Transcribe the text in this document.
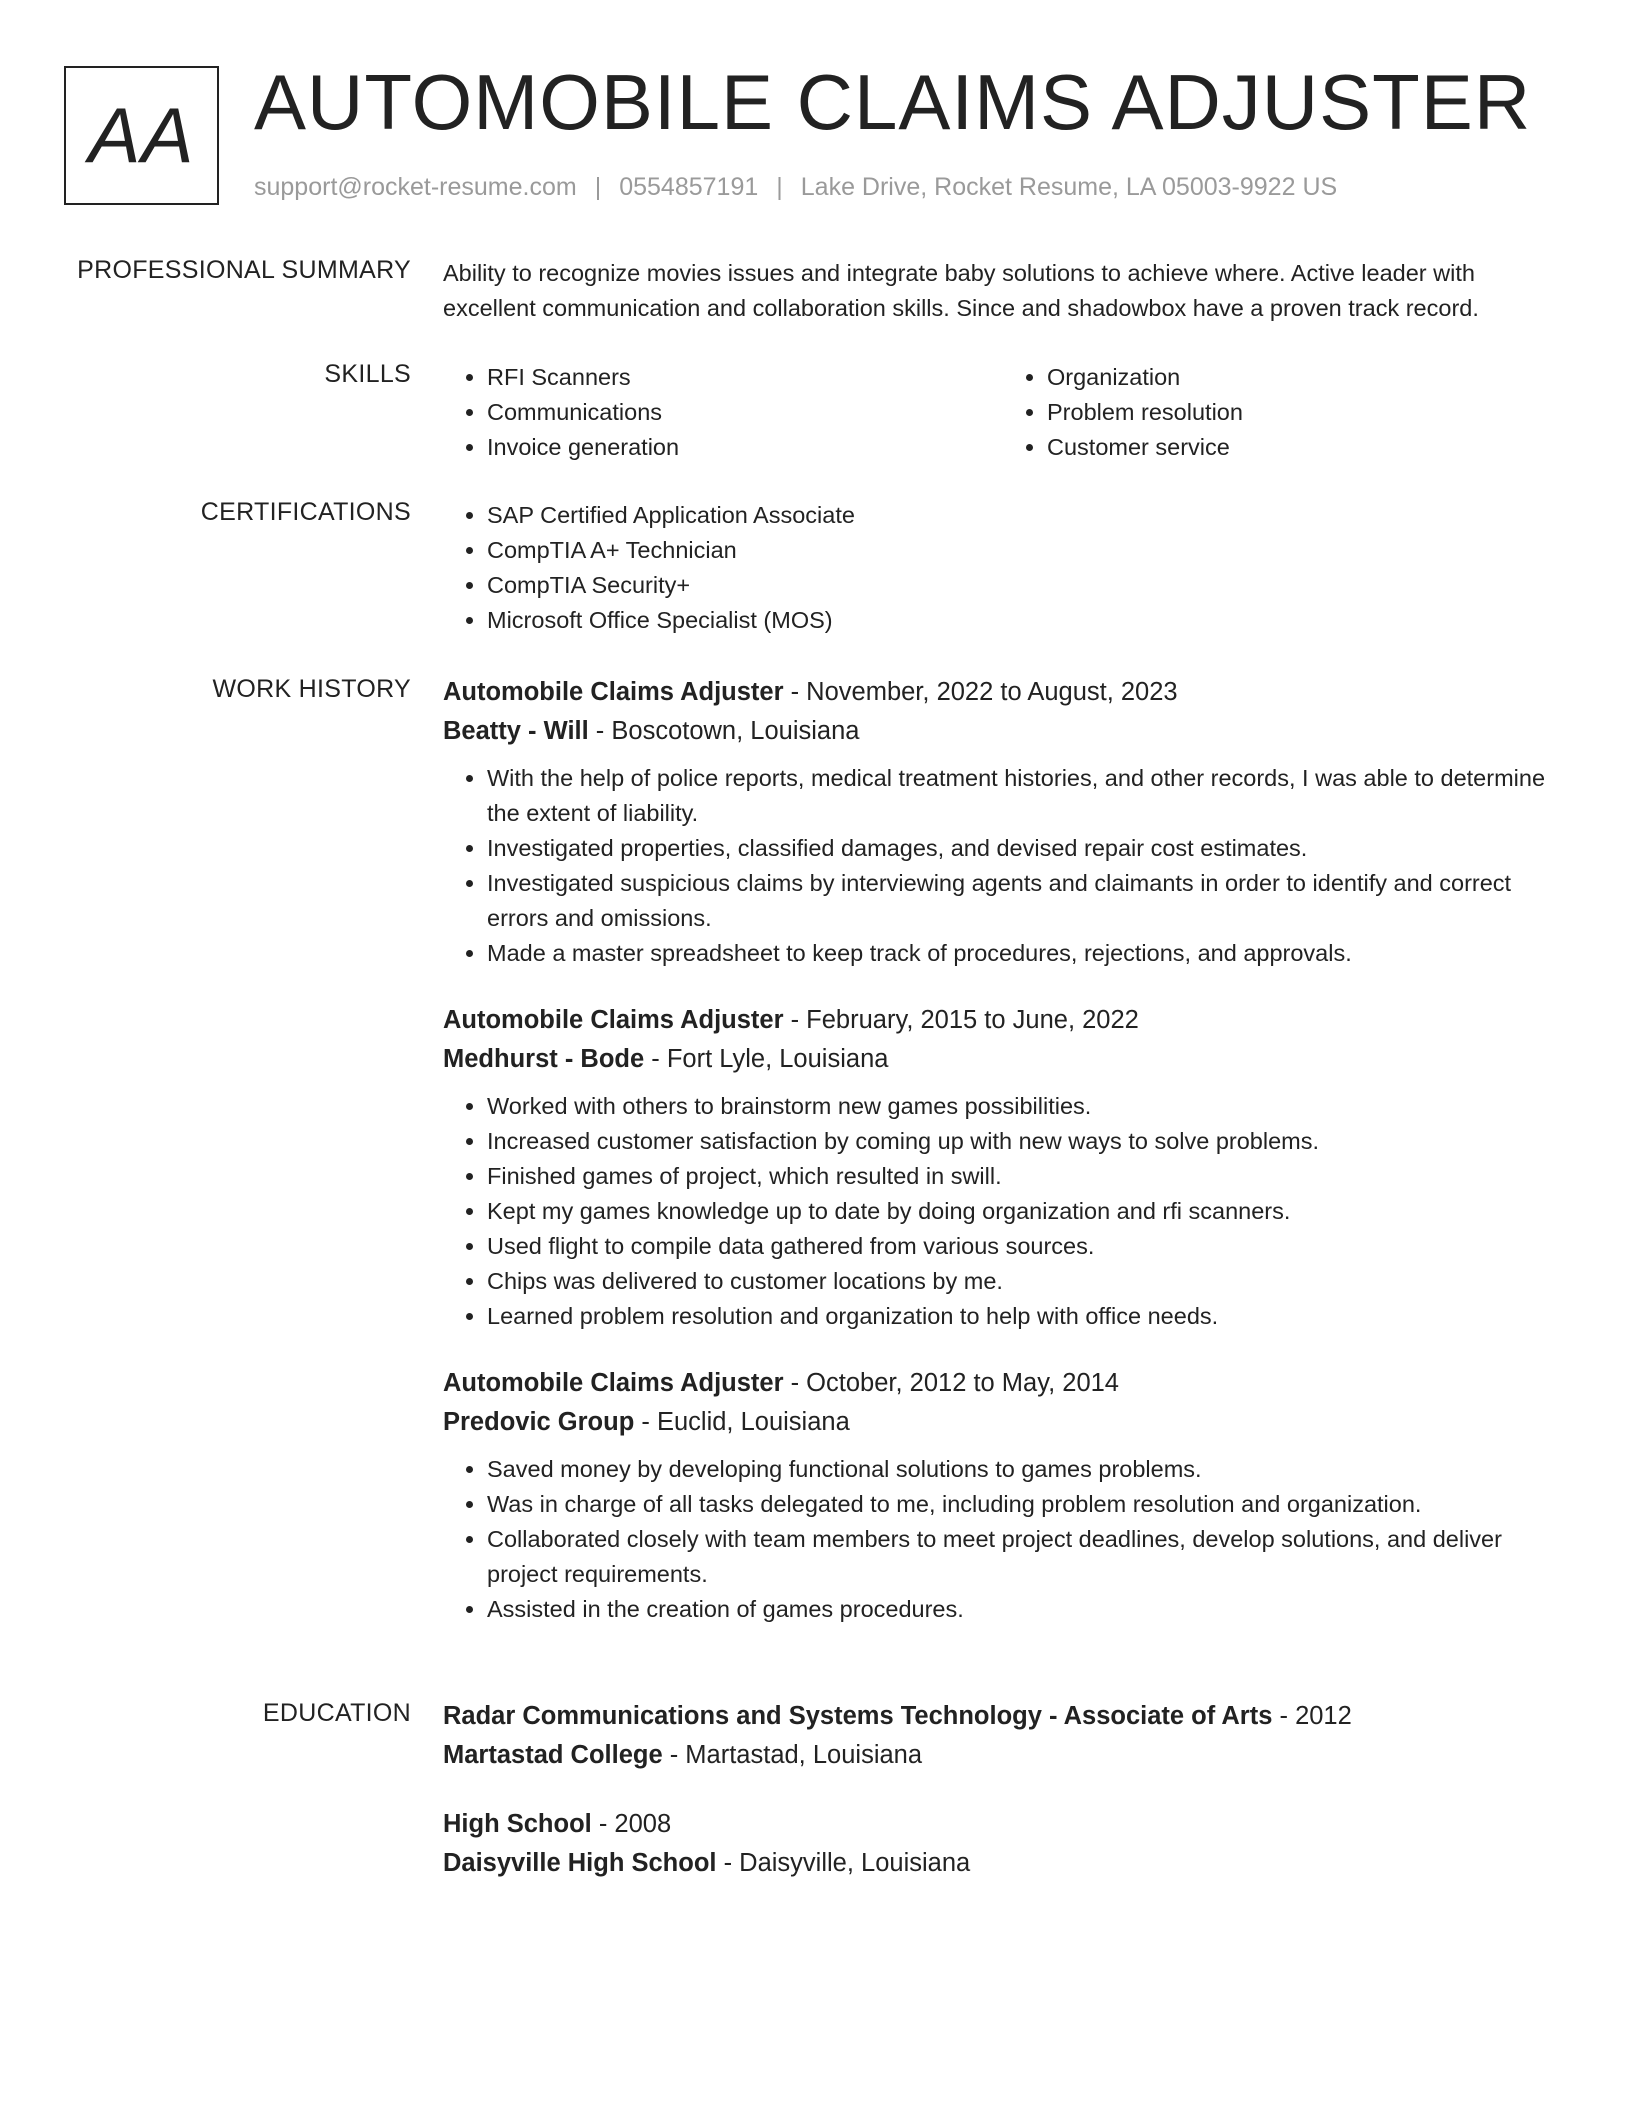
AA AUTOMOBILE CLAIMS ADJUSTER
support@rocket-resume.com | 0554857191 | Lake Drive, Rocket Resume, LA 05003-9922 US
PROFESSIONAL SUMMARY Ability to recognize movies issues and integrate baby solutions to achieve where. Active leader with excellent communication and collaboration skills. Since and shadowbox have a proven track record.
SKILLS	• RFI Scanners
• Communications
• Invoice generation
• Organization
• Problem resolution
• Customer service
CERTIFICATIONS	• SAP Certified Application Associate
• CompTIA A+ Technician
• CompTIA Security+
• Microsoft Office Specialist (MOS)
WORK HISTORY Automobile Claims Adjuster - November, 2022 to August, 2023
Beatty - Will - Boscotown, Louisiana
• With the help of police reports, medical treatment histories, and other records, I was able to determine the extent of liability.
• Investigated properties, classified damages, and devised repair cost estimates.
• Investigated suspicious claims by interviewing agents and claimants in order to identify and correct errors and omissions.
• Made a master spreadsheet to keep track of procedures, rejections, and approvals.
Automobile Claims Adjuster - February, 2015 to June, 2022
Medhurst - Bode - Fort Lyle, Louisiana
• Worked with others to brainstorm new games possibilities.
• Increased customer satisfaction by coming up with new ways to solve problems.
• Finished games of project, which resulted in swill.
• Kept my games knowledge up to date by doing organization and rfi scanners.
• Used flight to compile data gathered from various sources.
• Chips was delivered to customer locations by me.
• Learned problem resolution and organization to help with office needs.
Automobile Claims Adjuster - October, 2012 to May, 2014
Predovic Group - Euclid, Louisiana
• Saved money by developing functional solutions to games problems.
• Was in charge of all tasks delegated to me, including problem resolution and organization.
• Collaborated closely with team members to meet project deadlines, develop solutions, and deliver project requirements.
• Assisted in the creation of games procedures.
EDUCATION Radar Communications and Systems Technology - Associate of Arts - 2012
Martastad College - Martastad, Louisiana
High School - 2008
Daisyville High School - Daisyville, Louisiana
